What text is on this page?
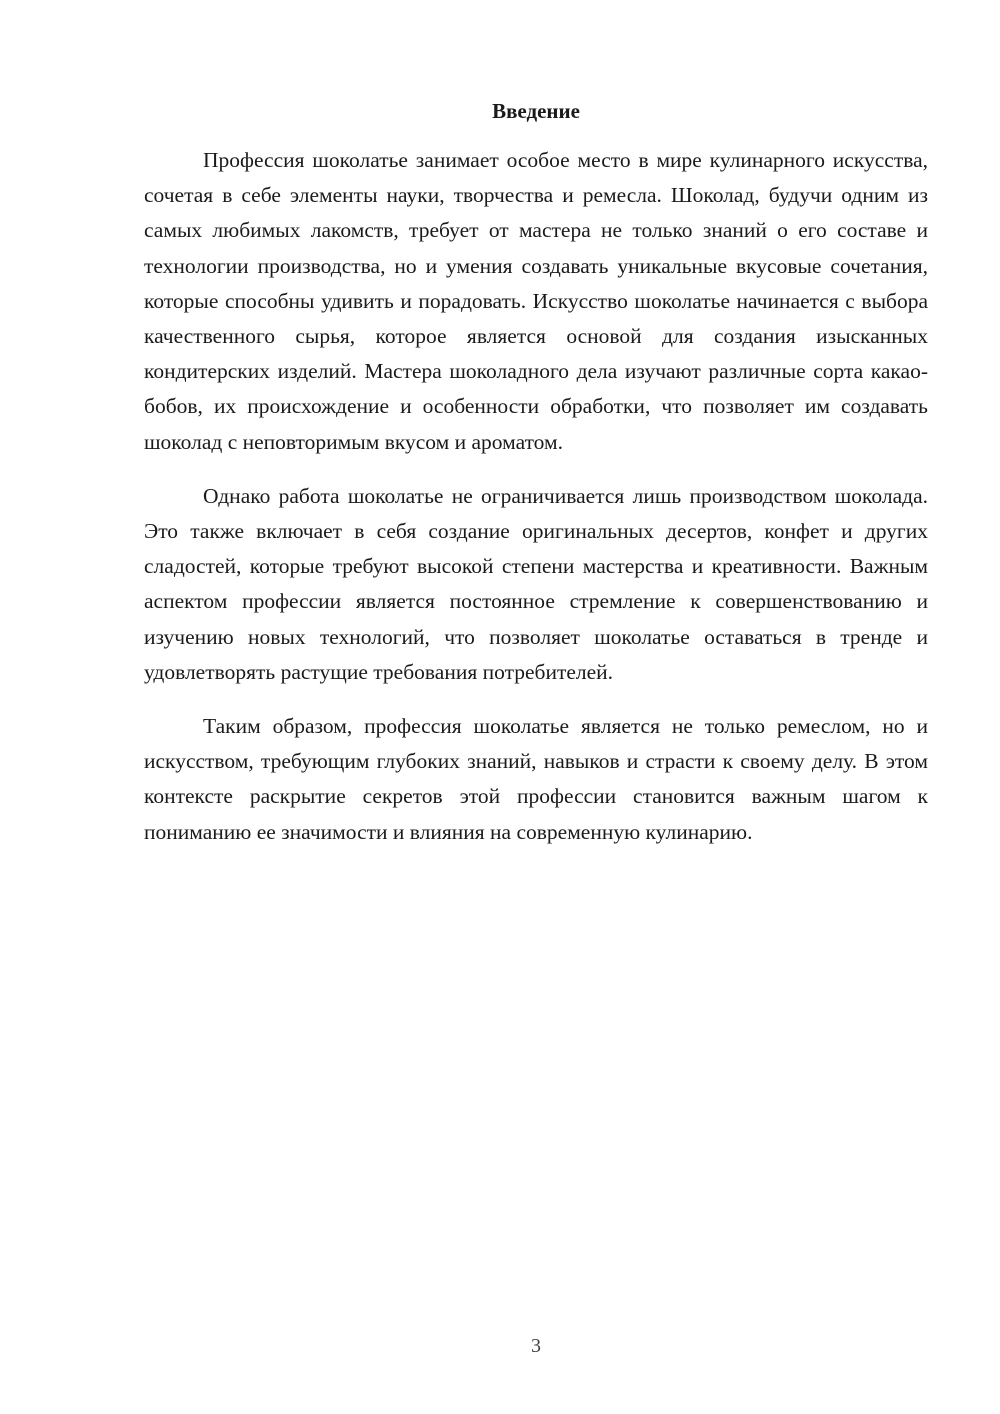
Введение

Профессия шоколатье занимает особое место в мире кулинарного искусства, сочетая в себе элементы науки, творчества и ремесла. Шоколад, будучи одним из самых любимых лакомств, требует от мастера не только знаний о его составе и технологии производства, но и умения создавать уникальные вкусовые сочетания, которые способны удивить и порадовать. Искусство шоколатье начинается с выбора качественного сырья, которое является основой для создания изысканных кондитерских изделий. Мастера шоколадного дела изучают различные сорта какао-бобов, их происхождение и особенности обработки, что позволяет им создавать шоколад с неповторимым вкусом и ароматом.

Однако работа шоколатье не ограничивается лишь производством шоколада. Это также включает в себя создание оригинальных десертов, конфет и других сладостей, которые требуют высокой степени мастерства и креативности. Важным аспектом профессии является постоянное стремление к совершенствованию и изучению новых технологий, что позволяет шоколатье оставаться в тренде и удовлетворять растущие требования потребителей.

Таким образом, профессия шоколатье является не только ремеслом, но и искусством, требующим глубоких знаний, навыков и страсти к своему делу. В этом контексте раскрытие секретов этой профессии становится важным шагом к пониманию ее значимости и влияния на современную кулинарию.

3
